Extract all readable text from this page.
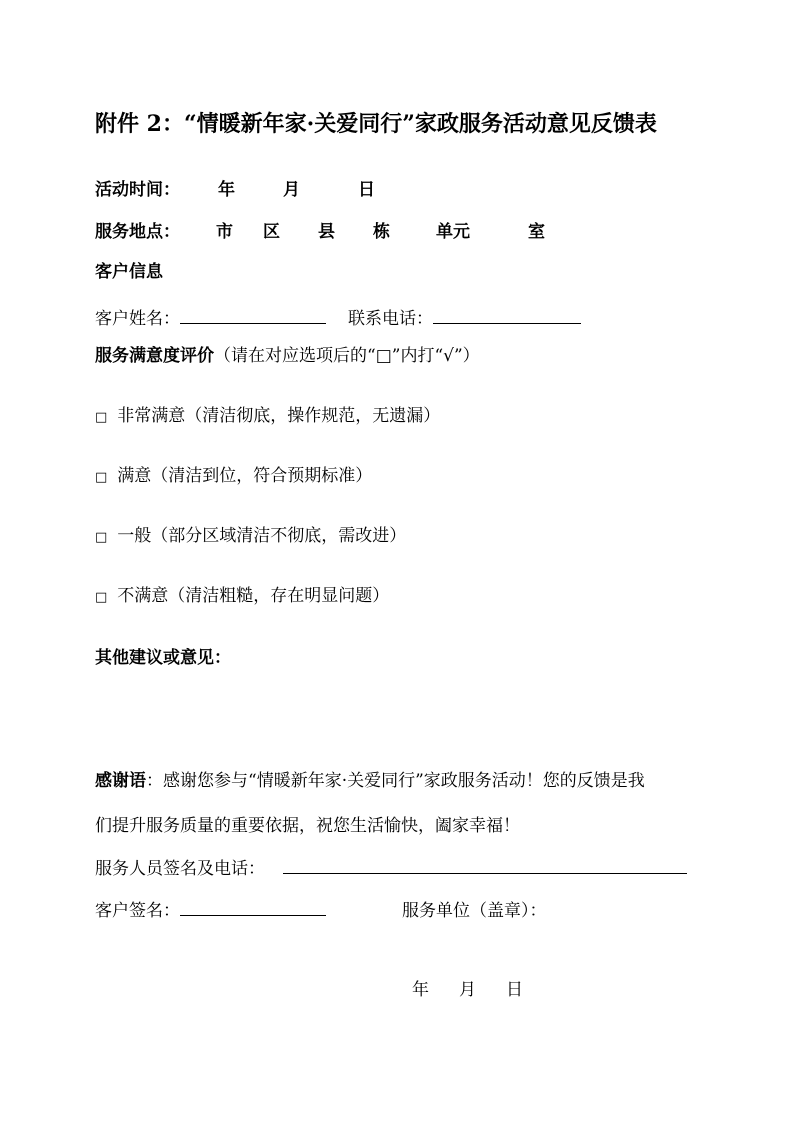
附件 2：“情暖新年家·关爱同行”家政服务活动意见反馈表
活动时间： 年	月	日
服务地点： 市 区 县 栋	单元	室
客户信息
客户姓名：	联系电话：
服务满意度评价（请在对应选项后的“□”内打“√”）
□ 非常满意（清洁彻底，操作规范，无遗漏）
□ 满意（清洁到位，符合预期标准）
□ 一般（部分区域清洁不彻底，需改进）
□ 不满意（清洁粗糙，存在明显问题）
其他建议或意见：
感谢语：感谢您参与“情暖新年家·关爱同行”家政服务活动！您的反馈是我
们提升服务质量的重要依据，祝您生活愉快，阖家幸福！
服务人员签名及电话：
客户签名：	服务单位（盖章）：
年 月 日
